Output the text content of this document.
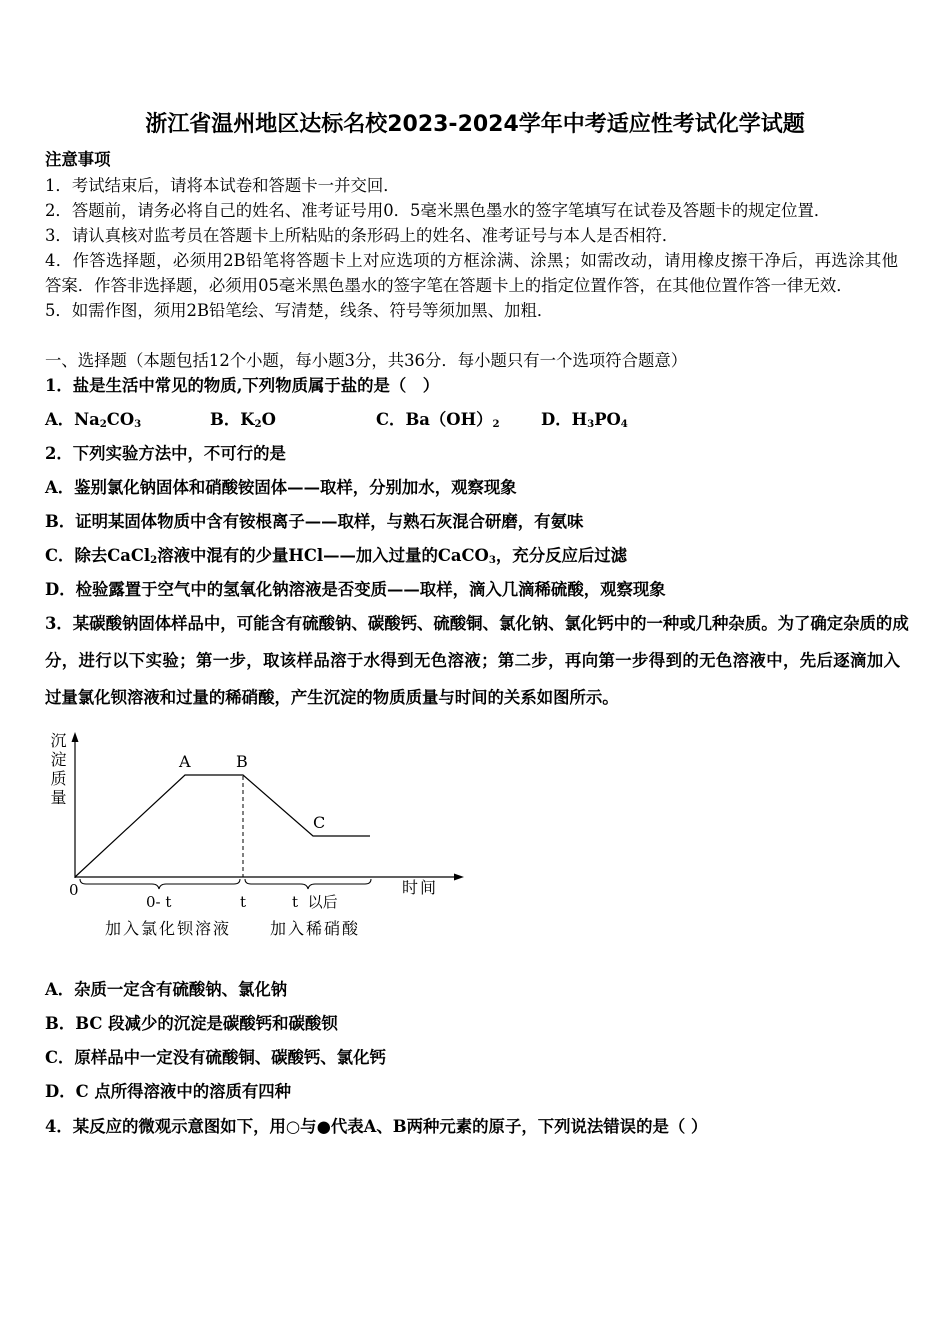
浙江省温州地区达标名校2023-2024学年中考适应性考试化学试题
注意事项
1．考试结束后，请将本试卷和答题卡一并交回．
2．答题前，请务必将自己的姓名、准考证号用0．5毫米黑色墨水的签字笔填写在试卷及答题卡的规定位置．
3．请认真核对监考员在答题卡上所粘贴的条形码上的姓名、准考证号与本人是否相符．
4．作答选择题，必须用2B铅笔将答题卡上对应选项的方框涂满、涂黑；如需改动，请用橡皮擦干净后，再选涂其他
答案．作答非选择题，必须用05毫米黑色墨水的签字笔在答题卡上的指定位置作答，在其他位置作答一律无效．
5．如需作图，须用2B铅笔绘、写清楚，线条、符号等须加黑、加粗．
一、选择题（本题包括12个小题，每小题3分，共36分．每小题只有一个选项符合题意）
1．盐是生活中常见的物质,下列物质属于盐的是（　）
A．$Na_2CO_3$	B．$K_2O$	C．$Ba(OH)_2$	D．$H_3PO_4$
2．下列实验方法中，不可行的是
A．鉴别氯化钠固体和硝酸铵固体——取样，分别加水，观察现象
B．证明某固体物质中含有铵根离子——取样，与熟石灰混合研磨，有氨味
C．除去CaCl$_2$溶液中混有的少量HCl——加入过量的CaCO$_3$，充分反应后过滤
D．检验露置于空气中的氢氧化钠溶液是否变质——取样，滴入几滴稀硫酸，观察现象
3．某碳酸钠固体样品中，可能含有硫酸钠、碳酸钙、硫酸铜、氯化钠、氯化钙中的一种或几种杂质。为了确定杂质的成
分，进行以下实验；第一步，取该样品溶于水得到无色溶液；第二步，再向第一步得到的无色溶液中，先后逐滴加入
过量氯化钡溶液和过量的稀硝酸，产生沉淀的物质质量与时间的关系如图所示。
沉淀质量	A	B
C
0	时间
0- t	t	t  以后
加入氯化钡溶液 加入稀硝酸
A．杂质一定含有硫酸钠、氯化钠
B．BC 段减少的沉淀是碳酸钙和碳酸钡
C．原样品中一定没有硫酸铜、碳酸钙、氯化钙
D．C 点所得溶液中的溶质有四种
4．某反应的微观示意图如下，用○与●代表A、B两种元素的原子，下列说法错误的是（ ）
